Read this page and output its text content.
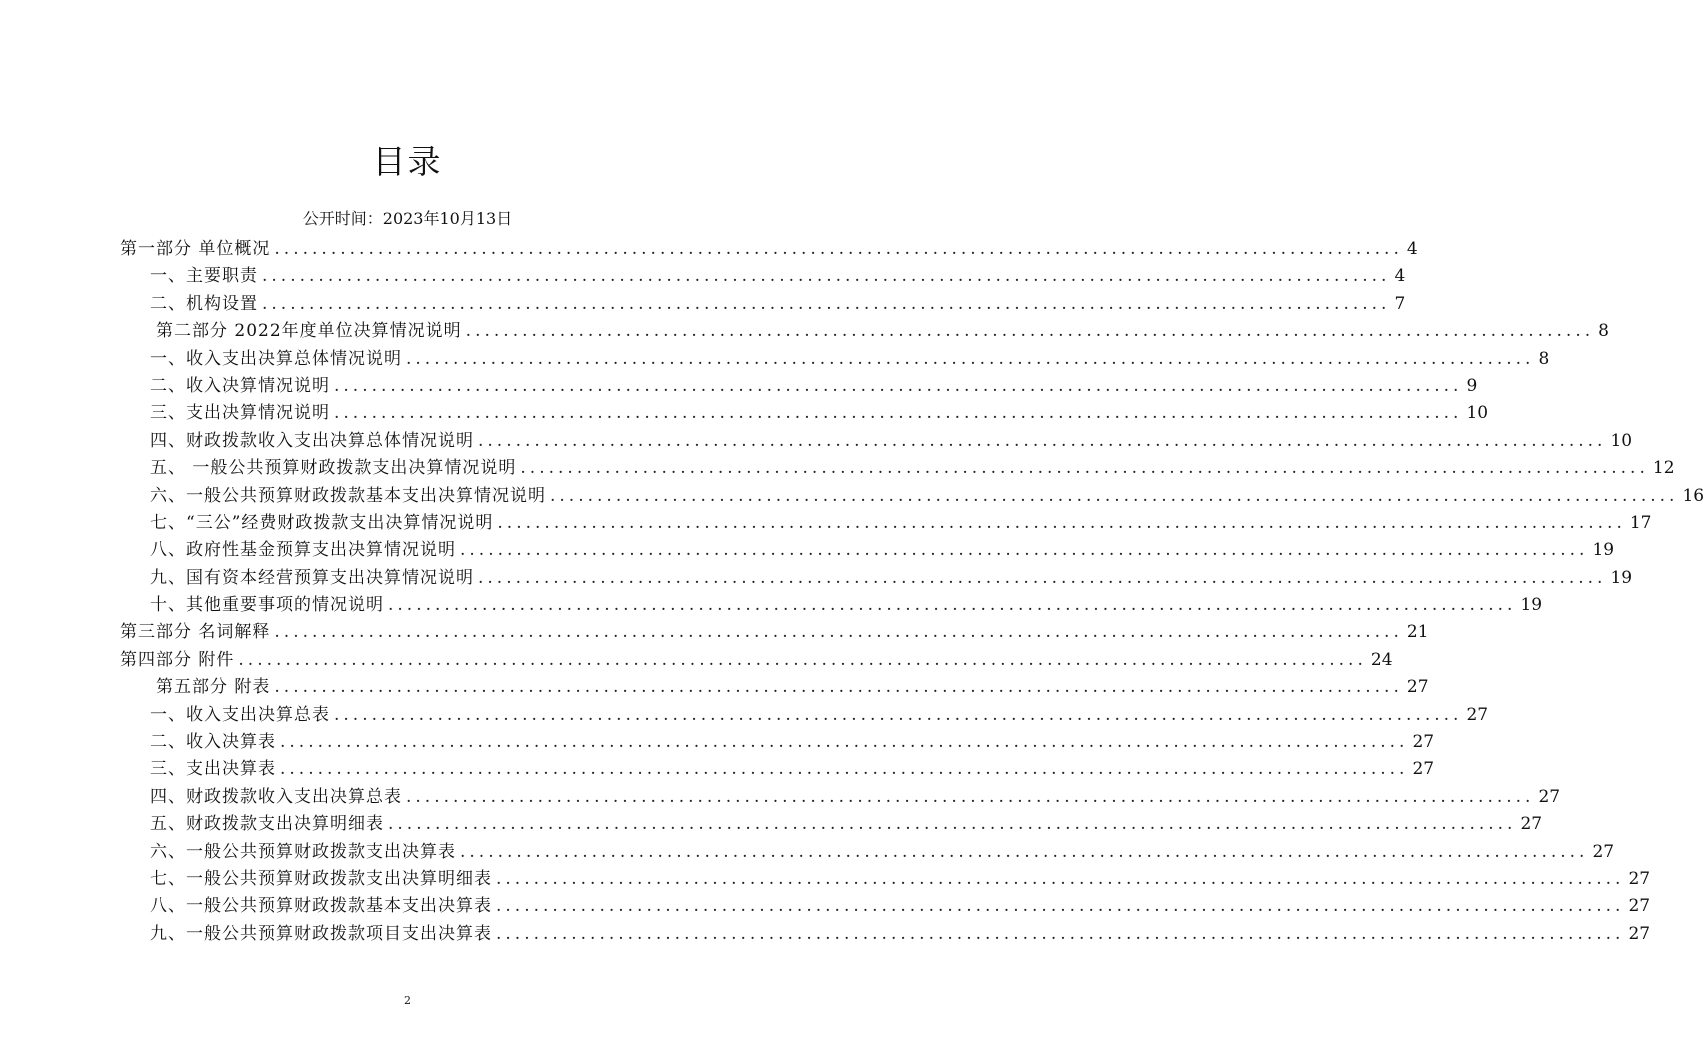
目录
公开时间：2023年10月13日
第一部分 单位概况 ........................................................................................................................ 4
一、主要职责 ........................................................................................................................ 4
二、机构设置 ........................................................................................................................ 7
第二部分 2022年度单位决算情况说明 ........................................................................................................................ 8
一、收入支出决算总体情况说明 ........................................................................................................................ 8
二、收入决算情况说明 ........................................................................................................................ 9
三、支出决算情况说明 ........................................................................................................................ 10
四、财政拨款收入支出决算总体情况说明 ........................................................................................................................ 10
五、 一般公共预算财政拨款支出决算情况说明 ........................................................................................................................ 12
六、一般公共预算财政拨款基本支出决算情况说明 ........................................................................................................................ 16
七、“三公”经费财政拨款支出决算情况说明 ........................................................................................................................ 17
八、政府性基金预算支出决算情况说明 ........................................................................................................................ 19
九、国有资本经营预算支出决算情况说明 ........................................................................................................................ 19
十、其他重要事项的情况说明 ........................................................................................................................ 19
第三部分 名词解释 ........................................................................................................................ 21
第四部分 附件 ........................................................................................................................ 24
第五部分 附表 ........................................................................................................................ 27
一、收入支出决算总表 ........................................................................................................................ 27
二、收入决算表 ........................................................................................................................ 27
三、支出决算表 ........................................................................................................................ 27
四、财政拨款收入支出决算总表 ........................................................................................................................ 27
五、财政拨款支出决算明细表 ........................................................................................................................ 27
六、一般公共预算财政拨款支出决算表 ........................................................................................................................ 27
七、一般公共预算财政拨款支出决算明细表 ........................................................................................................................ 27
八、一般公共预算财政拨款基本支出决算表 ........................................................................................................................ 27
九、一般公共预算财政拨款项目支出决算表 ........................................................................................................................ 27
2
